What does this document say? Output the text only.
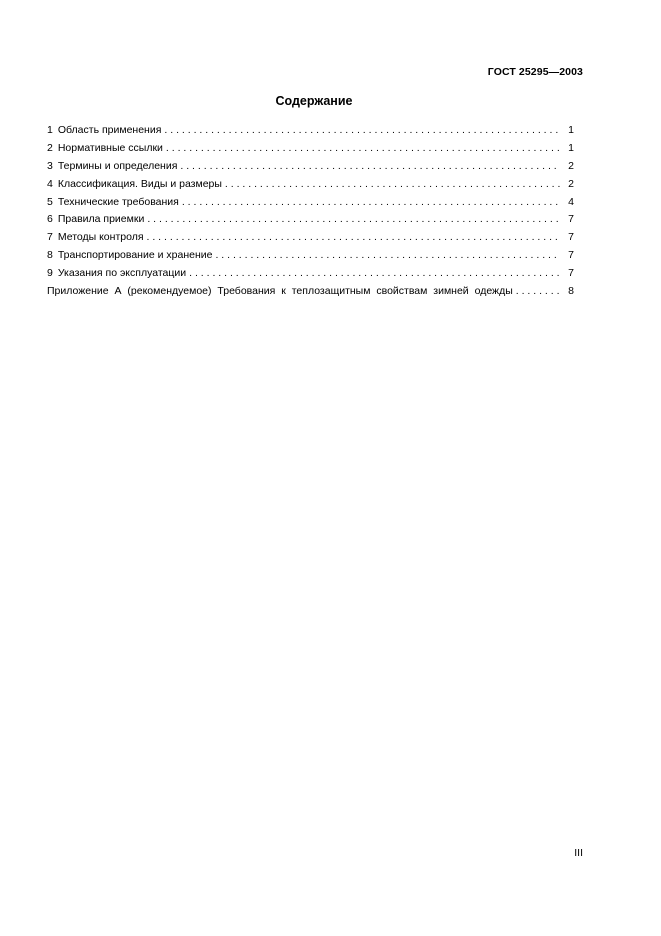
ГОСТ 25295—2003
Содержание
1 Область применения . . .	1
2 Нормативные ссылки . . .	1
3 Термины и определения . . .	2
4 Классификация. Виды и размеры . . .	2
5 Технические требования . . .	4
6 Правила приемки . . .	7
7 Методы контроля . . .	7
8 Транспортирование и хранение . . .	7
9 Указания по эксплуатации . . .	7
Приложение А (рекомендуемое) Требования к теплозащитным свойствам зимней одежды . . .	8
III
